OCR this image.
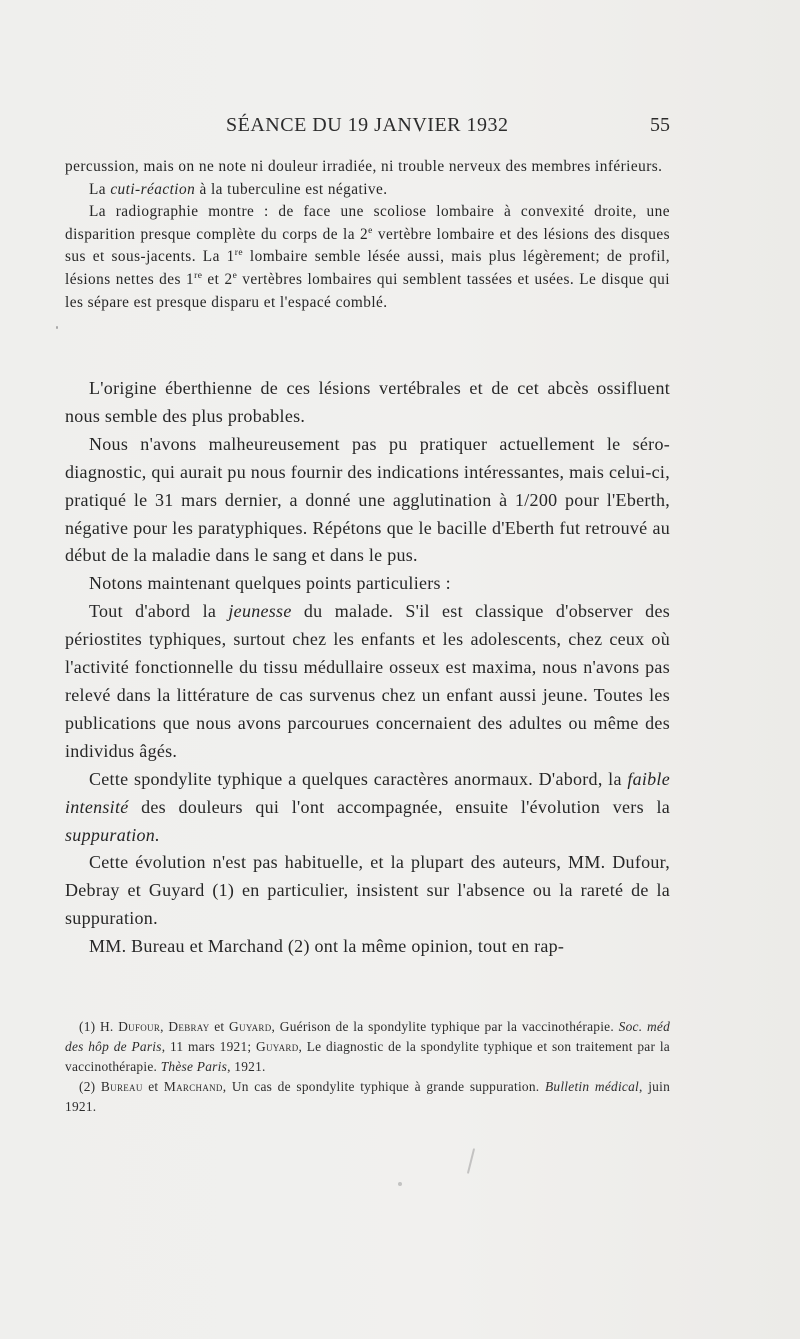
SÉANCE DU 19 JANVIER 1932	55

percussion, mais on ne note ni douleur irradiée, ni trouble nerveux des membres inférieurs.

La cuti-réaction à la tuberculine est négative.

La radiographie montre : de face une scoliose lombaire à convexité droite, une disparition presque complète du corps de la 2e vertèbre lombaire et des lésions des disques sus et sous-jacents. La 1re lombaire semble lésée aussi, mais plus légèrement; de profil, lésions nettes des 1re et 2e vertèbres lombaires qui semblent tassées et usées. Le disque qui les sépare est presque disparu et l'espacé comblé.

L'origine éberthienne de ces lésions vertébrales et de cet abcès ossifluent nous semble des plus probables.

Nous n'avons malheureusement pas pu pratiquer actuellement le séro-diagnostic, qui aurait pu nous fournir des indications intéressantes, mais celui-ci, pratiqué le 31 mars dernier, a donné une agglutination à 1/200 pour l'Eberth, négative pour les paratyphiques. Répétons que le bacille d'Eberth fut retrouvé au début de la maladie dans le sang et dans le pus.

Notons maintenant quelques points particuliers :

Tout d'abord la jeunesse du malade. S'il est classique d'observer des périostites typhiques, surtout chez les enfants et les adolescents, chez ceux où l'activité fonctionnelle du tissu médullaire osseux est maxima, nous n'avons pas relevé dans la littérature de cas survenus chez un enfant aussi jeune. Toutes les publications que nous avons parcourues concernaient des adultes ou même des individus âgés.

Cette spondylite typhique a quelques caractères anormaux. D'abord, la faible intensité des douleurs qui l'ont accompagnée, ensuite l'évolution vers la suppuration.

Cette évolution n'est pas habituelle, et la plupart des auteurs, MM. Dufour, Debray et Guyard (1) en particulier, insistent sur l'absence ou la rareté de la suppuration.

MM. Bureau et Marchand (2) ont la même opinion, tout en rap-

(1) H. Dufour, Debray et Guyard, Guérison de la spondylite typhique par la vaccinothérapie. Soc. méd des hôp de Paris, 11 mars 1921; Guyard, Le diagnostic de la spondylite typhique et son traitement par la vaccinothérapie. Thèse Paris, 1921.

(2) Bureau et Marchand, Un cas de spondylite typhique à grande suppuration. Bulletin médical, juin 1921.
